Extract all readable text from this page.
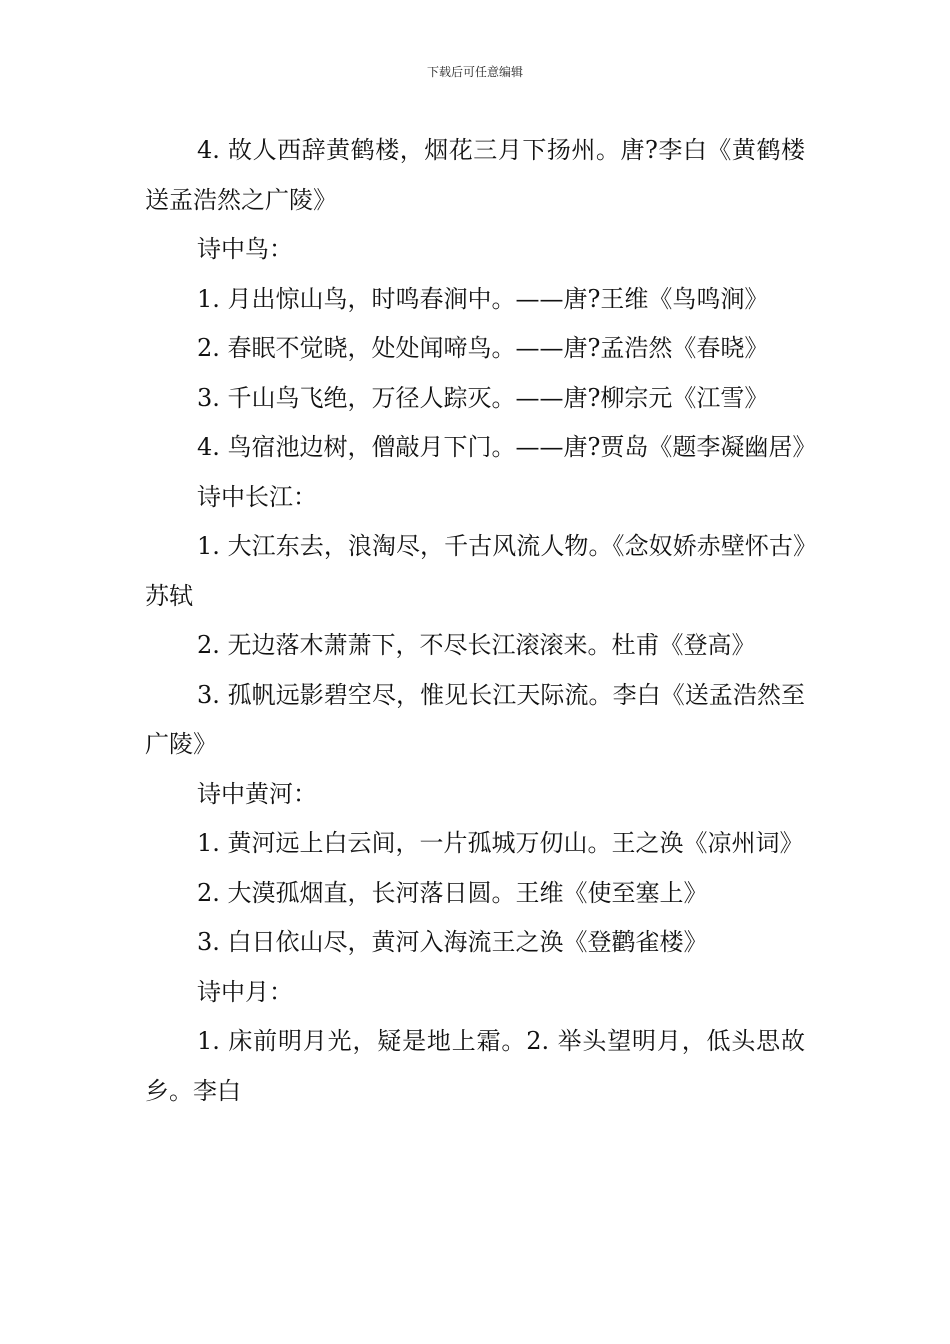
下载后可任意编辑

4. 故人西辞黄鹤楼，烟花三月下扬州。唐?李白《黄鹤楼送孟浩然之广陵》

诗中鸟：

1. 月出惊山鸟，时鸣春涧中。——唐?王维《鸟鸣涧》

2. 春眠不觉晓，处处闻啼鸟。——唐?孟浩然《春晓》

3. 千山鸟飞绝，万径人踪灭。——唐?柳宗元《江雪》

4. 鸟宿池边树，僧敲月下门。——唐?贾岛《题李凝幽居》

诗中长江：

1. 大江东去，浪淘尽，千古风流人物。《念奴娇赤壁怀古》苏轼

2. 无边落木萧萧下，不尽长江滚滚来。杜甫《登高》

3. 孤帆远影碧空尽，惟见长江天际流。李白《送孟浩然至广陵》

诗中黄河：

1. 黄河远上白云间，一片孤城万仞山。王之涣《凉州词》

2. 大漠孤烟直，长河落日圆。王维《使至塞上》

3. 白日依山尽，黄河入海流王之涣《登鹳雀楼》

诗中月：

1. 床前明月光，疑是地上霜。2. 举头望明月，低头思故乡。李白
